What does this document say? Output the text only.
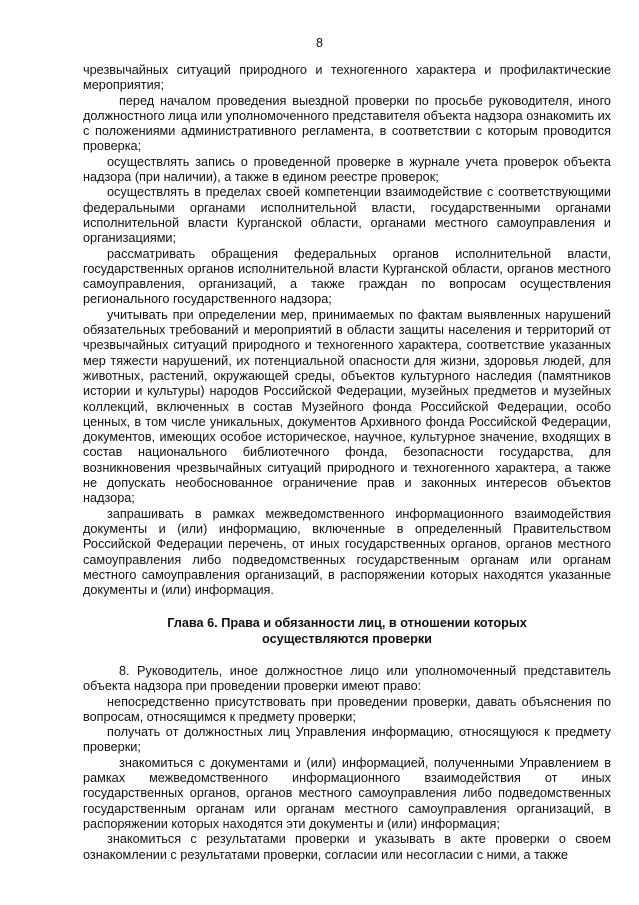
8

чрезвычайных ситуаций природного и техногенного характера и профилактические мероприятия;

перед началом проведения выездной проверки по просьбе руководителя, иного должностного лица или уполномоченного представителя объекта надзора ознакомить их с положениями административного регламента, в соответствии с которым проводится проверка;

осуществлять запись о проведенной проверке в журнале учета проверок объекта надзора (при наличии), а также в едином реестре проверок;

осуществлять в пределах своей компетенции взаимодействие с соответствующими федеральными органами исполнительной власти, государственными органами исполнительной власти Курганской области, органами местного самоуправления и организациями;

рассматривать обращения федеральных органов исполнительной власти, государственных органов исполнительной власти Курганской области, органов местного самоуправления, организаций, а также граждан по вопросам осуществления регионального государственного надзора;

учитывать при определении мер, принимаемых по фактам выявленных нарушений обязательных требований и мероприятий в области защиты населения и территорий от чрезвычайных ситуаций природного и техногенного характера, соответствие указанных мер тяжести нарушений, их потенциальной опасности для жизни, здоровья людей, для животных, растений, окружающей среды, объектов культурного наследия (памятников истории и культуры) народов Российской Федерации, музейных предметов и музейных коллекций, включенных в состав Музейного фонда Российской Федерации, особо ценных, в том числе уникальных, документов Архивного фонда Российской Федерации, документов, имеющих особое историческое, научное, культурное значение, входящих в состав национального библиотечного фонда, безопасности государства, для возникновения чрезвычайных ситуаций природного и техногенного характера, а также не допускать необоснованное ограничение прав и законных интересов объектов надзора;

запрашивать в рамках межведомственного информационного взаимодействия документы и (или) информацию, включенные в определенный Правительством Российской Федерации перечень, от иных государственных органов, органов местного самоуправления либо подведомственных государственным органам или органам местного самоуправления организаций, в распоряжении которых находятся указанные документы и (или) информация.

Глава 6. Права и обязанности лиц, в отношении которых
осуществляются проверки

8. Руководитель, иное должностное лицо или уполномоченный представитель объекта надзора при проведении проверки имеют право:

непосредственно присутствовать при проведении проверки, давать объяснения по вопросам, относящимся к предмету проверки;

получать от должностных лиц Управления информацию, относящуюся к предмету проверки;

знакомиться с документами и (или) информацией, полученными Управлением в рамках межведомственного информационного взаимодействия от иных государственных органов, органов местного самоуправления либо подведомственных государственным органам или органам местного самоуправления организаций, в распоряжении которых находятся эти документы и (или) информация;

знакомиться с результатами проверки и указывать в акте проверки о своем ознакомлении с результатами проверки, согласии или несогласии с ними, а также
